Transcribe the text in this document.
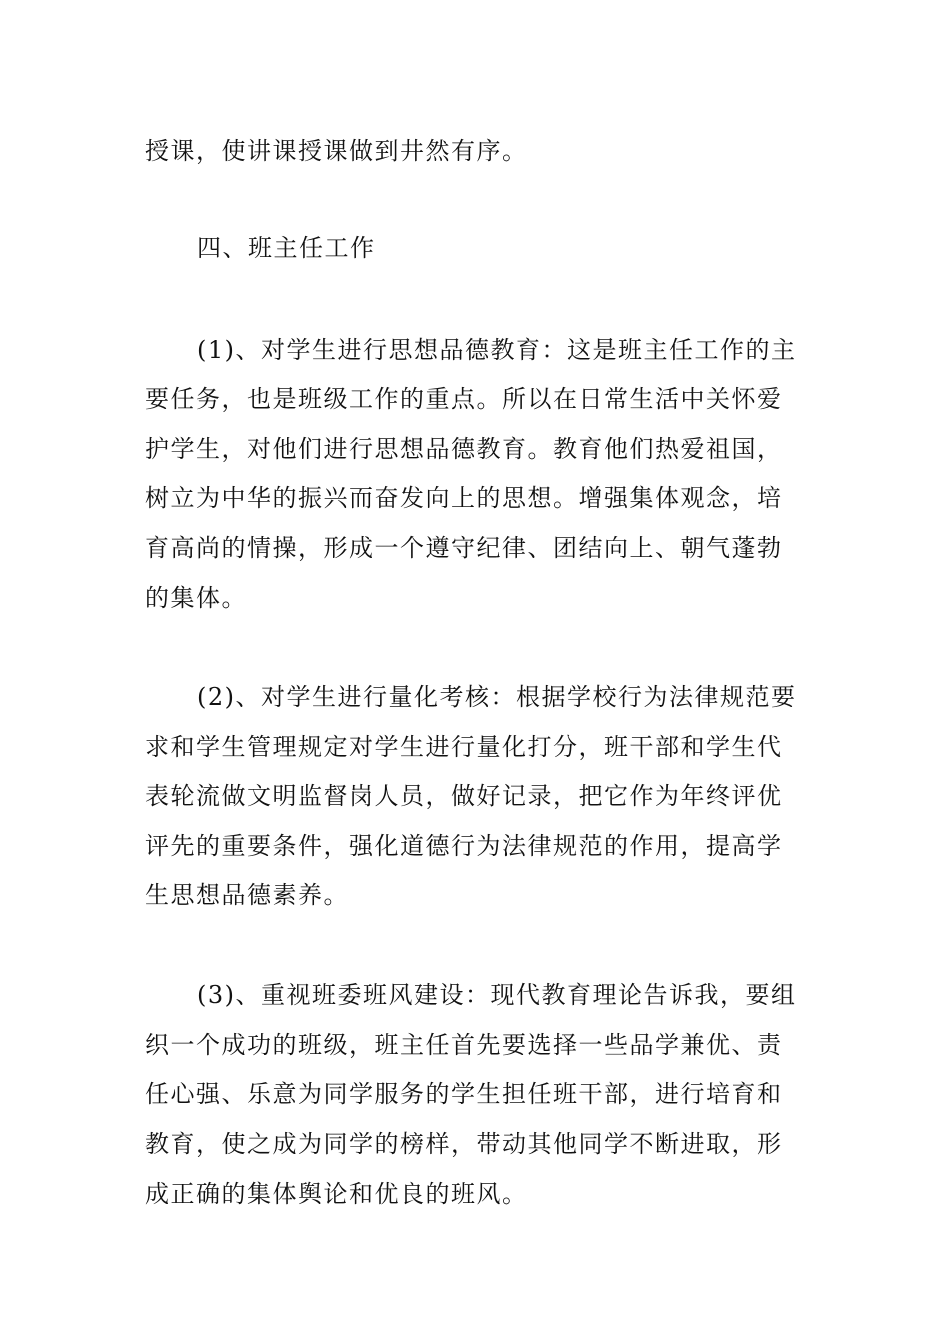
授课，使讲课授课做到井然有序。
四、班主任工作
(1)、对学生进行思想品德教育：这是班主任工作的主
要任务，也是班级工作的重点。所以在日常生活中关怀爱
护学生，对他们进行思想品德教育。教育他们热爱祖国，
树立为中华的振兴而奋发向上的思想。增强集体观念，培
育高尚的情操，形成一个遵守纪律、团结向上、朝气蓬勃
的集体。
(2)、对学生进行量化考核：根据学校行为法律规范要
求和学生管理规定对学生进行量化打分，班干部和学生代
表轮流做文明监督岗人员，做好记录，把它作为年终评优
评先的重要条件，强化道德行为法律规范的作用，提高学
生思想品德素养。
(3)、重视班委班风建设：现代教育理论告诉我，要组
织一个成功的班级，班主任首先要选择一些品学兼优、责
任心强、乐意为同学服务的学生担任班干部，进行培育和
教育，使之成为同学的榜样，带动其他同学不断进取，形
成正确的集体舆论和优良的班风。
